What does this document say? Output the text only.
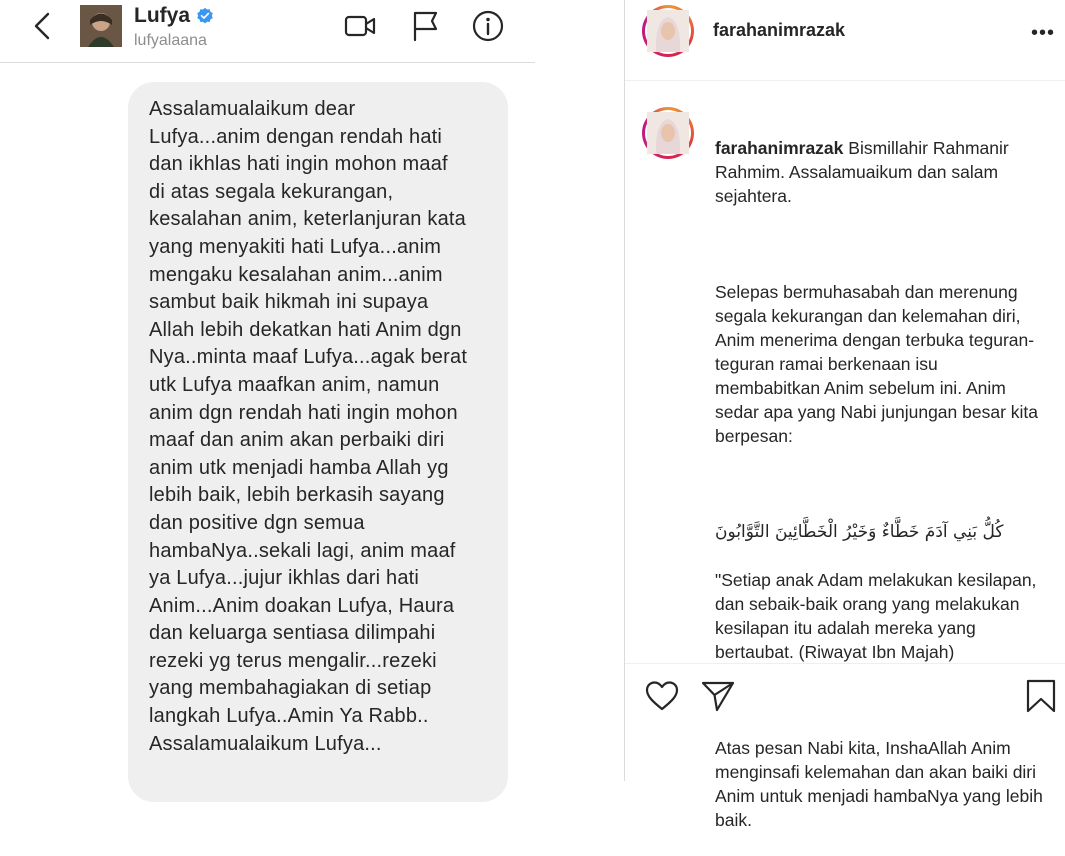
Lufya
lufyalaana
Assalamualaikum dear
Lufya...anim dengan rendah hati
dan ikhlas hati ingin mohon maaf
di atas segala kekurangan,
kesalahan anim, keterlanjuran kata
yang menyakiti hati Lufya...anim
mengaku kesalahan anim...anim
sambut baik hikmah ini supaya
Allah lebih dekatkan hati Anim dgn
Nya..minta maaf Lufya...agak berat
utk Lufya maafkan anim, namun
anim dgn rendah hati ingin mohon
maaf dan anim akan perbaiki diri
anim utk menjadi hamba Allah yg
lebih baik, lebih berkasih sayang
dan positive dgn semua
hambaNya..sekali lagi, anim maaf
ya Lufya...jujur ikhlas dari hati
Anim...Anim doakan Lufya, Haura
dan keluarga sentiasa dilimpahi
rezeki yg terus mengalir...rezeki
yang membahagiakan di setiap
langkah Lufya..Amin Ya Rabb..
Assalamualaikum Lufya...
farahanimrazak	•••

farahanimrazak Bismillahir Rahmanir Rahmim. Assalamuaikum dan salam sejahtera.

Selepas bermuhasabah dan merenung segala kekurangan dan kelemahan diri, Anim menerima dengan terbuka teguran-teguran ramai berkenaan isu membabitkan Anim sebelum ini. Anim sedar apa yang Nabi junjungan besar kita berpesan:

كُلُّ بَنِي آدَمَ خَطَّاءٌ وَخَيْرُ الْخَطَّائِينَ التَّوَّابُونَ

"Setiap anak Adam melakukan kesilapan, dan sebaik-baik orang yang melakukan kesilapan itu adalah mereka yang bertaubat. (Riwayat Ibn Majah)

Atas pesan Nabi kita, InshaAllah Anim menginsafi kelemahan dan akan baiki diri Anim untuk menjadi hambaNya yang lebih baik.
